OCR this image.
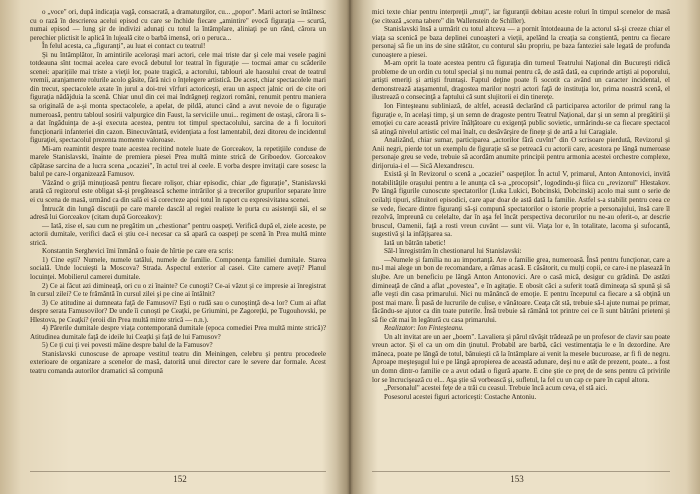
o „voce" ori, după indicaţia vagă, consacrată, a dramaturgilor, cu... „popor". Marii actori se întâlnesc cu o rază în descrierea acelui episod cu care se închide fiecare „amintire" evocă figuraţia — scurtă, numai episod — lung şir de indivizi adunaţi cu totul la întâmplare, aliniaţi pe un rând, cărora un perechier plictisit le aplică în lujeală cite o barbă imensă, ori o peruca...

În felul acesta, ca „figuranţi", au luat ei contact cu teatrul!

Şi nu întâmplător, în amintirile acelorași mari actori, cele mai triste dar şi cele mai vesele pagini totdeauna sînt tocmai acelea care evocă debutul lor teatral în figuraţie — tocmai amar cu scăderile scenei: aparițiile mai triste a vieţii lor, poate tragică, a actorului, tablouri ale haosului creat de teatrul vremii, aranjamente rolurile acolo găsite, fără nici o înţelegere artistică. De acest, chiar spectacolele mari din trecut, spectacolele axate în jurul a doi-trei vîrfuri actoriceşti, erau un aspect jalnic ori de cite ori figuraţia nădăjduia la scenă. Chiar unul din cei mai îndrăgneţi regizori români, renumit pentru maniera sa originală de a-şi monta spectacolele, a apelat, de pildă, atunci când a avut nevoie de o figuraţie numeroasă, pentru tabloul sosirii valpurgice din Faust, la serviciile unui... regiment de ostaşi, cărora li s-a dat îngăduinţa de a-şi executa acestea, pentru tot timpul spectacolului, sarcina de a fi locuitori funcţionarii infanteriei din cazon. Binecuvântată, evidenţiata a fost lamentabil, dezi ditoreu de incidentul figuraţiei, spectacolul prezenta momente valoroase.

Mi-am reamintit despre toate acestea recitind notele luate de Gorceakov, la repetiţiile conduse de marele Stanislavski, înainte de premiera piesei Prea multă minte strică de Griboedov. Gorceakov căpătase sarcina de a lucra scena „ocaziei", în actul trei al ceele. E vorba despre invitaţii care sosesc la balul pe care-l organizează Famusov.

Văzând o grijă minuţioasă pentru fiecare rolişor, chiar episodic, chiar „de figuraţie", Stanislavski arată că regizorul este obligat să-şi pregătească scheme intrărilor şi a trecerilor grupurilor separate între ei cu scena de masă, urmând ca din sală ei să corecteze apoi totul în raport cu expresivitatea scenei.

Întrucât din lungă discuţii pe care marele dascăl al regiei realiste le purta cu asistenţii săi, el se adresă lui Gorceakov (citam după Gorceakov):

— Iată, zise el, sau cum ne pregătim un „chestionar" pentru oaspeţi. Verifică după el, ziele aceste, pe actorii dumitale, verifici dacă ei ştiu ce-i necesar ca să apară ca oaspeţi pe scenă în Prea multă minte strică.

Konstantin Serghevici îmi înmână o foaie de hîrtie pe care era scris:

1) Cine eşti? Numele, numele tatălui, numele de familie. Componenţa familiei dumitale. Starea socială. Unde locuieşti la Moscova? Strada. Aspectul exterior al casei. Cite camere aveţi? Planul locuinţei. Mobilierul camerei dumitale.

2) Ce ai făcut azi dimineaţă, ori cu o zi înainte? Ce cunoşti? Ce-ai văzut şi ce impresie ai înregistrat în cursul zilei? Ce te frământă în cursul zilei şi pe cine ai întâlnit?

3) Ce atitudine ai dumneata faţă de Famusovi? Eşti o rudă sau o cunoştinţă de-a lor? Cum ai aflat despre serata Famusovilor? De unde îi cunoşti pe Ceaţki, pe Griumini, pe Zagoreţki, pe Tugouhovski, pe Hlestova, pe Ceaţki? (eroii din Prea multă minte strică — n.n.).

4) Părerile dumitale despre viaţa contemporană dumitale (epoca comediei Prea multă minte strică)? Atitudinea dumitale faţă de ideile lui Ceaţki şi faţă de lui Famusov?

5) Ce ţi cui ţi vei povesti mâine despre balul de la Famusov?

Stanislavski cunoscuse de aproape vestitul teatru din Meiningen, celebru şi pentru procedeele exterioare de organizare a scenelor de masă, datorită unui director care le severe dar formale. Acest teatru comanda autorilor dramatici să compună

152

mici texte chiar pentru interpreţii „muţi", iar figuranţii debitau aceste roluri în timpul scenelor de masă (se citează „scena tabere" din Wallenstein de Schiller).

Stanislavski însă a urmărit cu totul altceva — a pornit întotdeauna de la actorul să-şi creeze chiar el viaţa sa scenică pe baza deplinei cunoaşteri a vieţii, apelând la creaţia sa conştientă, pentru ca fiecare personaj să fie un ins de sine stătător, cu conturul său propriu, pe baza fanteziei sale legată de profunda cunoaştere a piesei.

M-am oprit la toate acestea pentru că figuraţia din turneul Teatrului Naţional din Bucureşti ridică probleme de un ordin cu totul special şi nu numai pentru că, de astă dată, ea cuprinde artişti ai poporului, artişti emeriţi şi artişti fruntaşi. Faptul deţine poate fi socotit ca având un caracter incidental, el demonstrează ataşamentul, dragostea marilor noştri actori faţă de instituţia lor, prima noastră scenă, el ilustrează o consecinţă a faptului că sunt slujitorii ei din tinereţe.

Ion Finteşteanu subliniază, de altfel, această declarând că participarea actorilor de primul rang la figuraţie e, în acelaşi timp, şi un semn de dragoste pentru Teatrul Naţional, dar şi un semn al pregătirii şi emoţiei cu care această privire înălţătoare cu exigenţă public sovietic, urmărindu-se ca fiecare spectacol să atingă nivelul artistic cel mai înalt, cu desăvârşire de fineţe şi de artă a lui Caragiale.

Analizând, chiar sumar, participarea „actorilor fără cuvînt" din O scrisoare pierdută, Revizorul şi Anii negri, pierde tot un exemplu de figuraţie să se petreacă cu actorii care, acestora pe lângă numeroase personaje greu se vede, trebuie să acordăm anumite principii pentru armonia acestei orchestre complexe, dirijoruia-i el — Sică Alexandrescu.

Există şi în Revizorul o scenă a „ocaziei" oaspeţilor. În actul V, primarul, Anton Antonovici, invită notabilităţile oraşului pentru a le anunţa că s-a „procopsit", logodindu-şi fiica cu „revizorul" Hlestakov. Pe lângă figurile cunoscute spectatorilor (Luka Lukici, Bobcinski, Dobcinski) acolo mai sunt o serie de ceilalţi tipuri, sfătuitori episodici, care apar doar de astă dată la familie. Astfel s-a stabilit pentru ceea ce se vede, fiecare dintre figuranţi să-şi compună spectatorilor o istorie proprie a personajului, însă care îl rezolvă, împreună cu celelalte, dar în aşa fel încât perspectiva decorurilor nu ne-au oferit-o, ar descrie bruscul, Oamenii, faţă a rosti vreun cuvânt — sunt vii. Viaţa lor e, în totalitate, lacoma şi sufocantă, sugestivă şi la infăţişarea sa.

Iată un bătrân tabetic!

Săl-l înregistrăm în chestionarul lui Stanislavski:

—Numele şi familia nu au importanţă. Are o familie grea, numeroasă. Însă pentru funcţionar, care a nu-l mai alege un bon de recomandare, a rămas acasă. E căsătorit, cu mulţi copii, ce care-i ne plasează în slujbe. Are un beneficiu pe lângă Anton Antonovici. Are o casă mică, desigur cu grădină. De astăzi dimineaţă de când a aflat „povestea", e în agitaţie. E obosit căci a suferit toată dimineaţa să spună şi să afle veşti din casa primarului. Nici nu mănâncă de emoţie. E pentru începutul ca fiecare a să obţină un post mai mare. Îi pasă de lucrurile de culise, e vânătoare. Ceaţa cât stă, trebuie să-l ajute numai pe primar, făcându-se ajutor ca din toate puterile. Însă trebuie să rămână tot printre cei ce îi sunt bătrâni prieteni şi să fie cât mai în legătură cu casa primarului.

Realizator: Ion Finteşteanu.

Un alt invitat are un aer „boem". Lavaliera şi părul răvăşit trădează pe un profesor de clavir sau poate vreun actor. Şi el ca un om din ţinutul. Probabil are barbă, căci vestimentaţia le e în dezordine. Are mâneca, poate pe lângă de totul, bănuieşti că la întâmplare ai venit la mesele bucuroase, ar fi fi de negru. Aproape meşteşugul lui e pe lângă apropierea de această adunare, deşi nu e atât de prezent, poate... a fost un domn dintr-o familie ce a avut odată o figură aparte. E cine ştie ce preţ de de sens pentru că privirile lor se încrucişează cu el... Aşa ştie să vorbească şi, sufletul, la fel cu un cap ce pare în capul altora.

„Personalul" acestei feţe de a trăi cu ceasul. Trebuie încă acum ceva, el stă aici.

Posesorul acestei figuri actoriceşti: Costache Antoniu.

153
